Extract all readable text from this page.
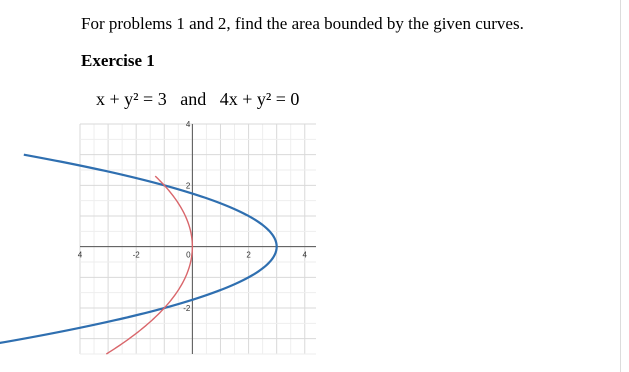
For problems 1 and 2, find the area bounded by the given curves.
Exercise 1
x + y² = 3 and 4x + y² = 0
4	-2	0	2	4
4
2
-2
